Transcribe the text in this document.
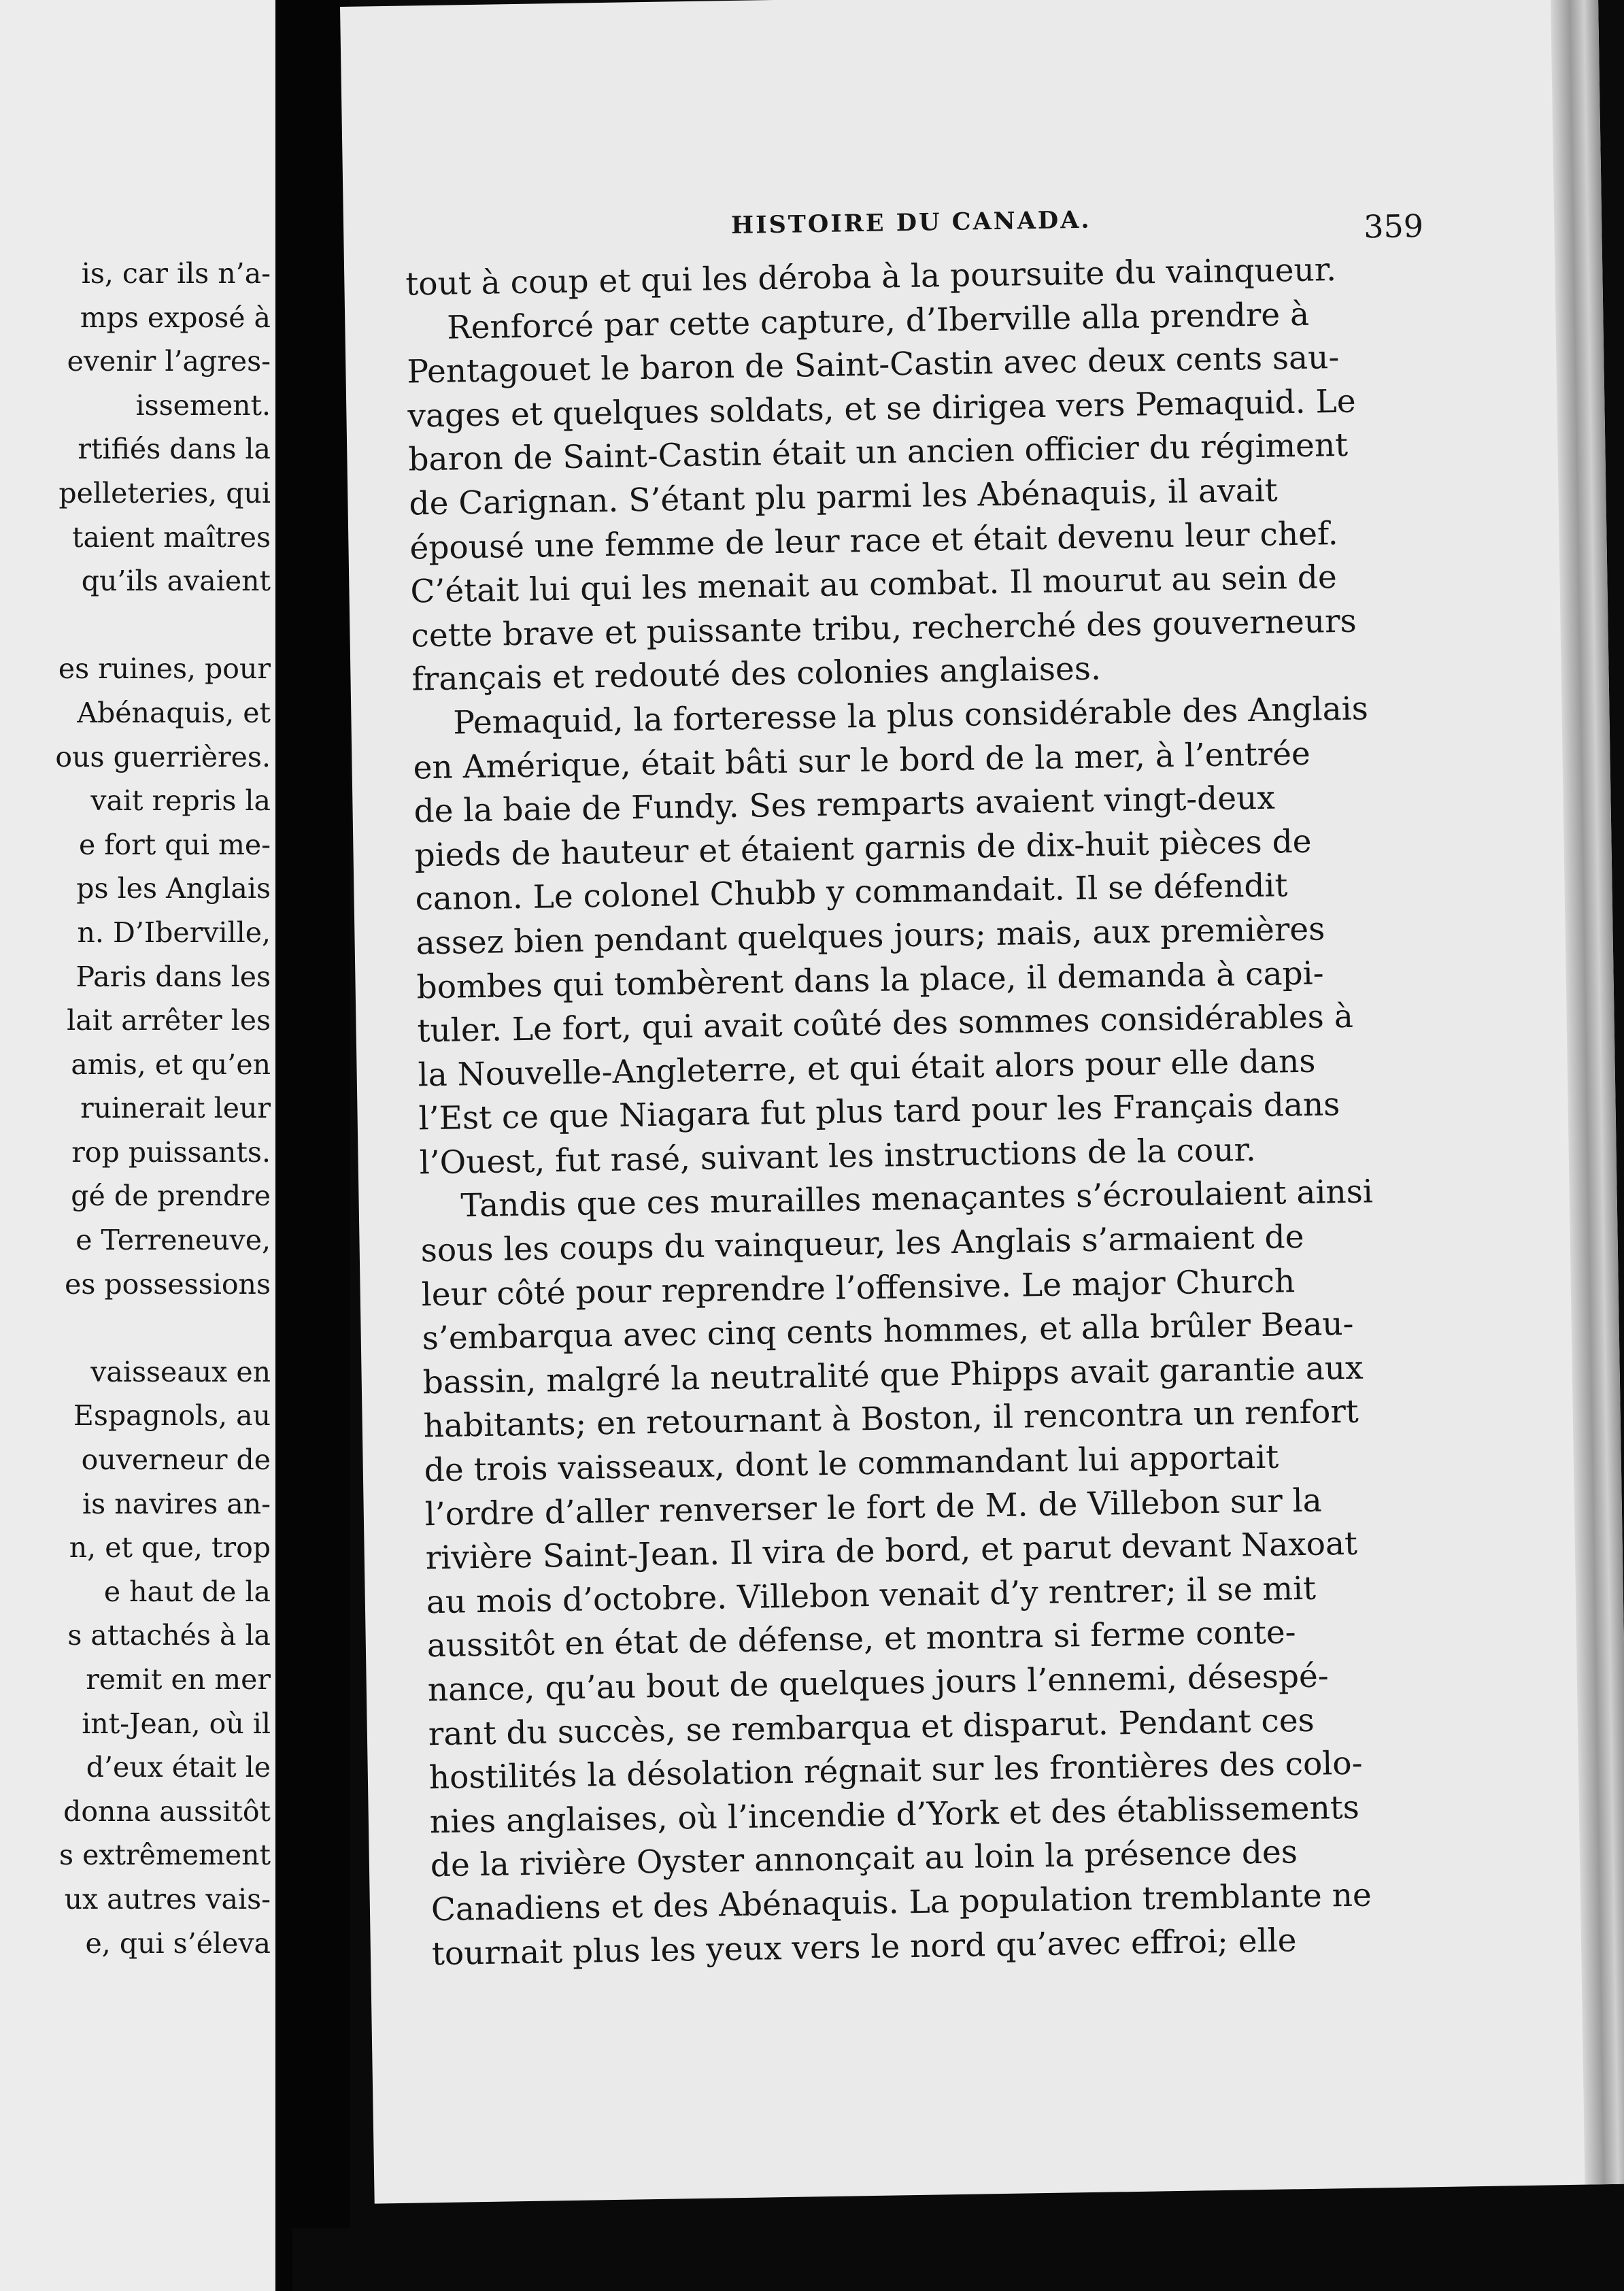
is, car ils n’a-
mps exposé à
evenir l’agres-
issement.
rtifiés dans la
pelleteries, qui
taient maîtres
qu’ils avaient

es ruines, pour
Abénaquis, et
ous guerrières.
vait repris la
e fort qui me-
ps les Anglais
n. D’Iberville,
Paris dans les
lait arrêter les
amis, et qu’en
ruinerait leur
rop puissants.
gé de prendre
e Terreneuve,
es possessions

vaisseaux en
Espagnols, au
ouverneur de
is navires an-
n, et que, trop
e haut de la
s attachés à la
remit en mer
int-Jean, où il
d’eux était le
donna aussitôt
s extrêmement
ux autres vais-
e, qui s’éleva
HISTOIRE DU CANADA.	359
tout à coup et qui les déroba à la poursuite du vainqueur.
Renforcé par cette capture, d’Iberville alla prendre à
Pentagouet le baron de Saint-Castin avec deux cents sau-
vages et quelques soldats, et se dirigea vers Pemaquid. Le
baron de Saint-Castin était un ancien officier du régiment
de Carignan. S’étant plu parmi les Abénaquis, il avait
épousé une femme de leur race et était devenu leur chef.
C’était lui qui les menait au combat. Il mourut au sein de
cette brave et puissante tribu, recherché des gouverneurs
français et redouté des colonies anglaises.
Pemaquid, la forteresse la plus considérable des Anglais
en Amérique, était bâti sur le bord de la mer, à l’entrée
de la baie de Fundy. Ses remparts avaient vingt-deux
pieds de hauteur et étaient garnis de dix-huit pièces de
canon. Le colonel Chubb y commandait. Il se défendit
assez bien pendant quelques jours; mais, aux premières
bombes qui tombèrent dans la place, il demanda à capi-
tuler. Le fort, qui avait coûté des sommes considérables à
la Nouvelle-Angleterre, et qui était alors pour elle dans
l’Est ce que Niagara fut plus tard pour les Français dans
l’Ouest, fut rasé, suivant les instructions de la cour.
Tandis que ces murailles menaçantes s’écroulaient ainsi
sous les coups du vainqueur, les Anglais s’armaient de
leur côté pour reprendre l’offensive. Le major Church
s’embarqua avec cinq cents hommes, et alla brûler Beau-
bassin, malgré la neutralité que Phipps avait garantie aux
habitants; en retournant à Boston, il rencontra un renfort
de trois vaisseaux, dont le commandant lui apportait
l’ordre d’aller renverser le fort de M. de Villebon sur la
rivière Saint-Jean. Il vira de bord, et parut devant Naxoat
au mois d’octobre. Villebon venait d’y rentrer; il se mit
aussitôt en état de défense, et montra si ferme conte-
nance, qu’au bout de quelques jours l’ennemi, désespé-
rant du succès, se rembarqua et disparut. Pendant ces
hostilités la désolation régnait sur les frontières des colo-
nies anglaises, où l’incendie d’York et des établissements
de la rivière Oyster annonçait au loin la présence des
Canadiens et des Abénaquis. La population tremblante ne
tournait plus les yeux vers le nord qu’avec effroi; elle
